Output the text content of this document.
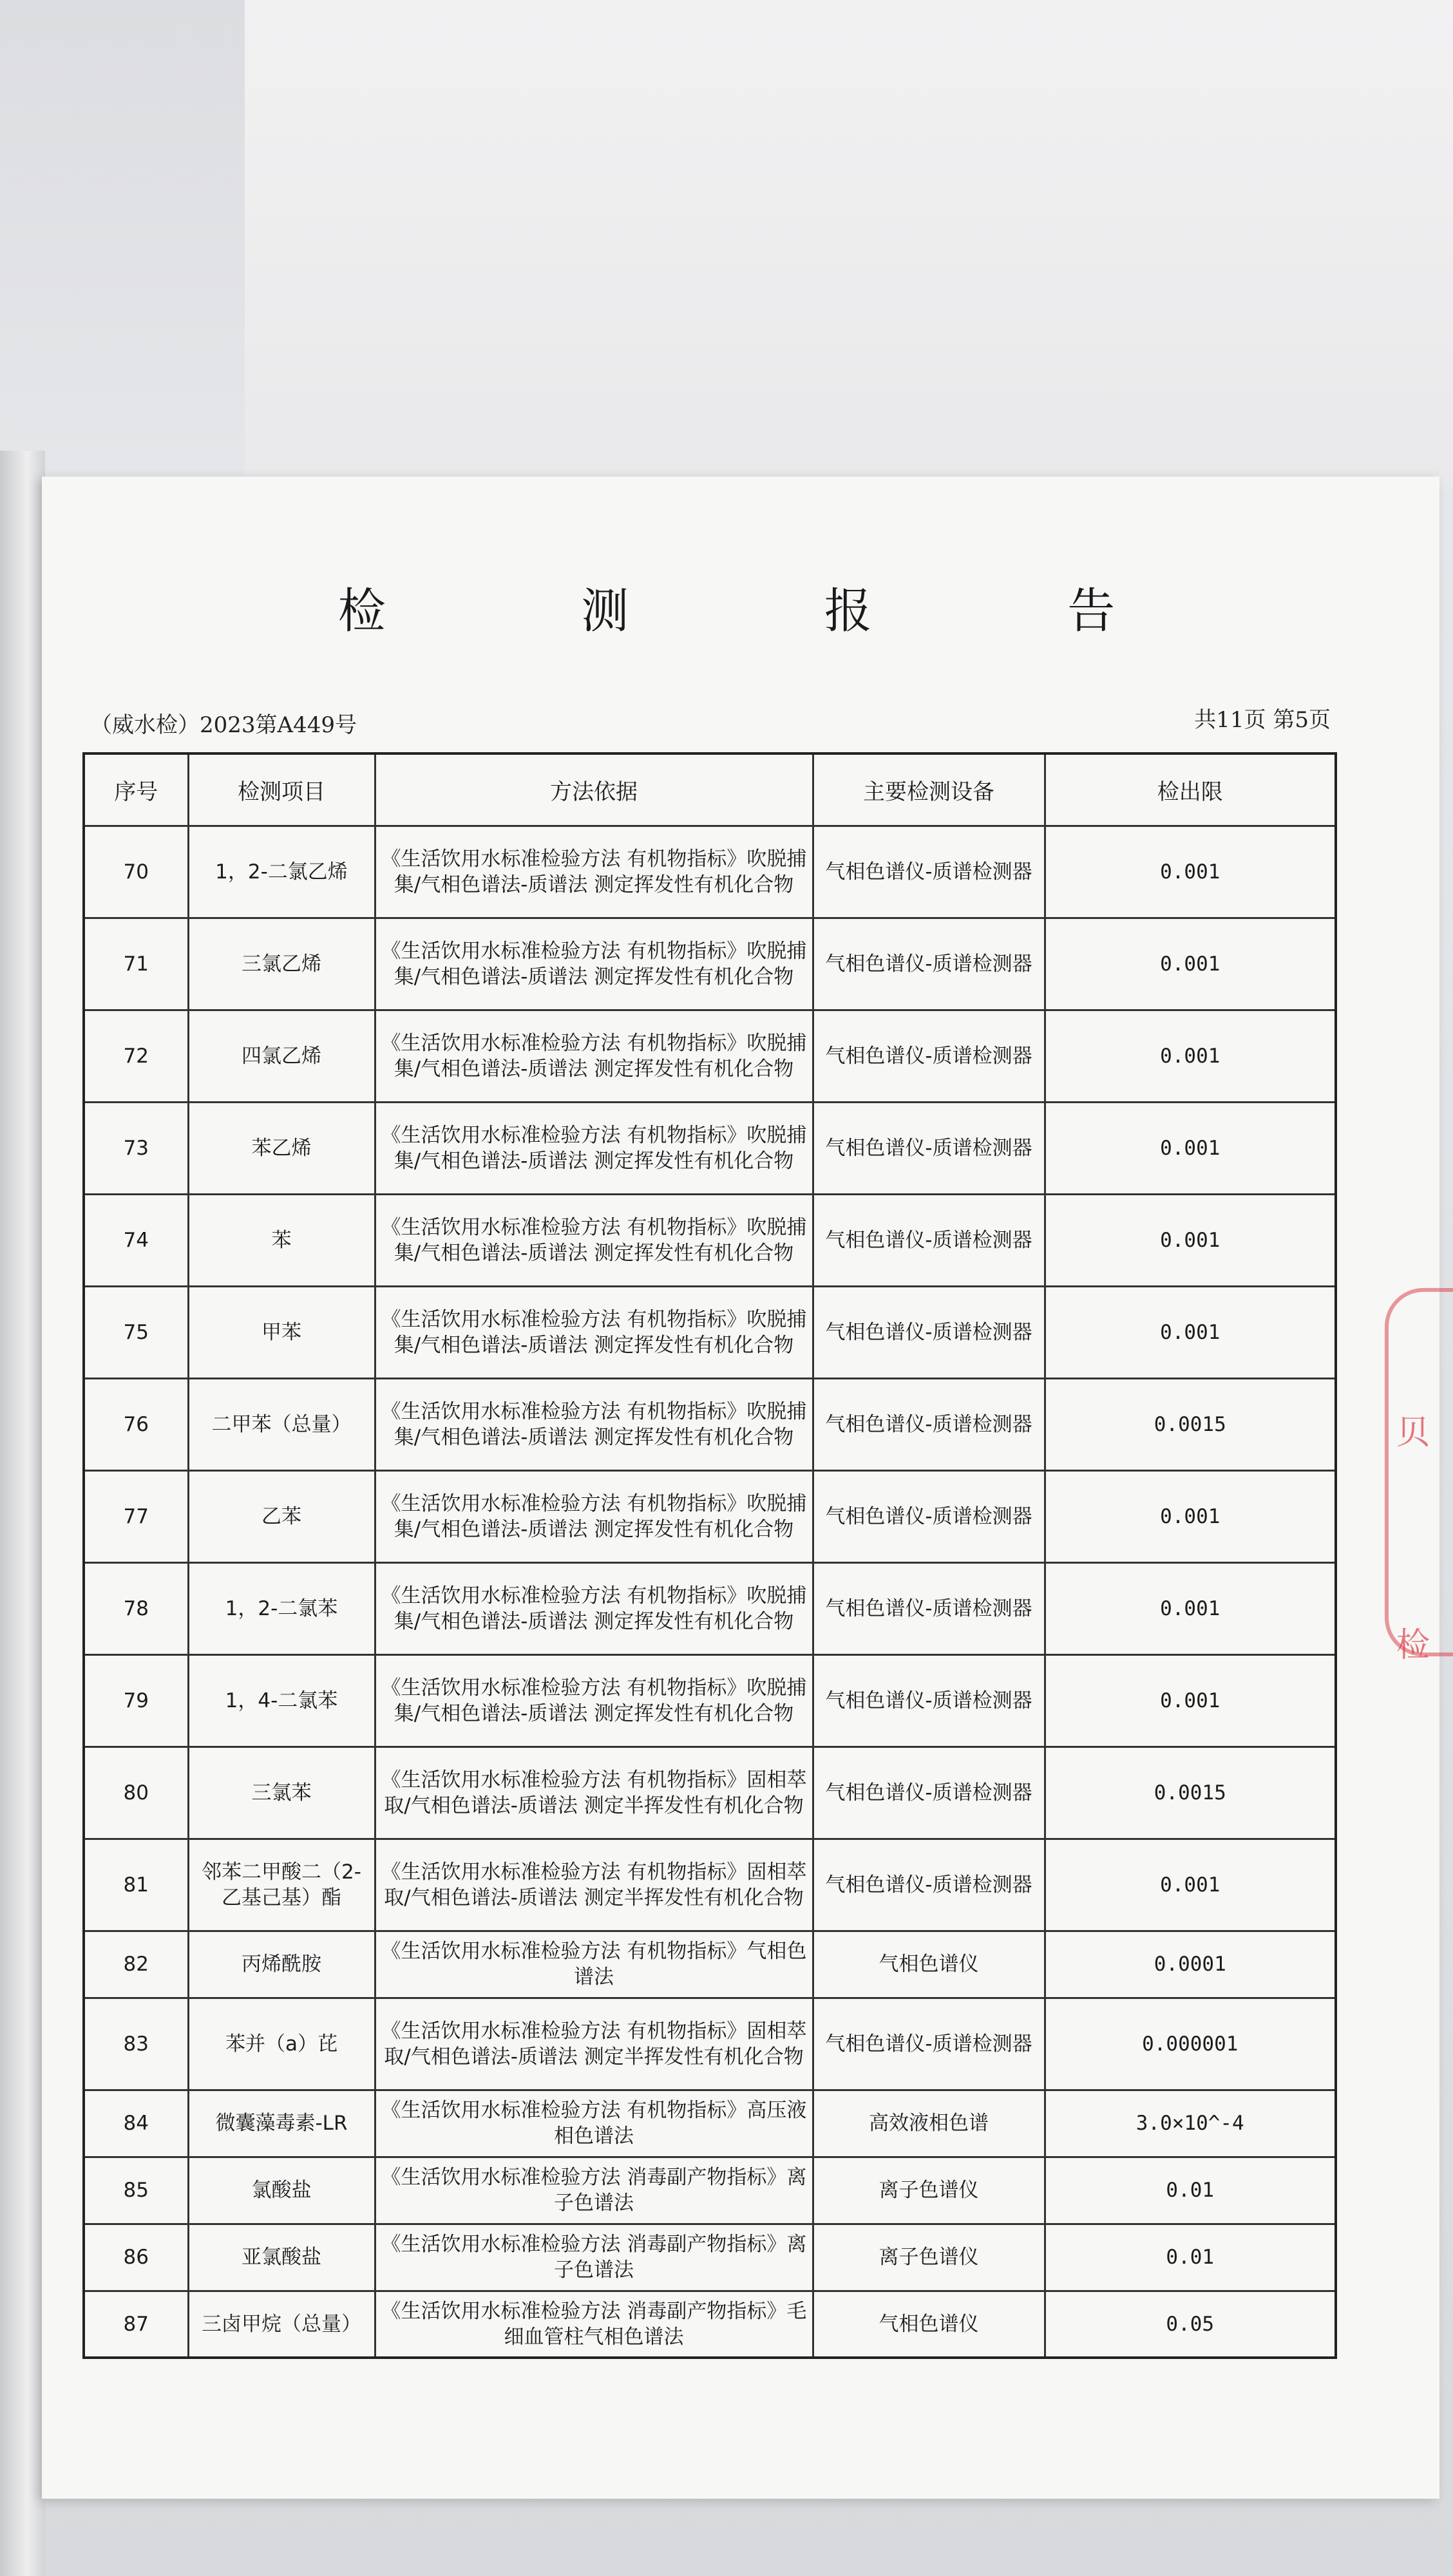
检 测 报 告
（威水检）2023第A449号	共11页 第5页
序号	检测项目	方法依据	主要检测设备	检出限
70	1，2-二氯乙烯	《生活饮用水标准检验方法 有机物指标》吹脱捕集/气相色谱法-质谱法 测定挥发性有机化合物	气相色谱仪-质谱检测器	0.001
71	三氯乙烯	《生活饮用水标准检验方法 有机物指标》吹脱捕集/气相色谱法-质谱法 测定挥发性有机化合物	气相色谱仪-质谱检测器	0.001
72	四氯乙烯	《生活饮用水标准检验方法 有机物指标》吹脱捕集/气相色谱法-质谱法 测定挥发性有机化合物	气相色谱仪-质谱检测器	0.001
73	苯乙烯	《生活饮用水标准检验方法 有机物指标》吹脱捕集/气相色谱法-质谱法 测定挥发性有机化合物	气相色谱仪-质谱检测器	0.001
74	苯	《生活饮用水标准检验方法 有机物指标》吹脱捕集/气相色谱法-质谱法 测定挥发性有机化合物	气相色谱仪-质谱检测器	0.001
75	甲苯	《生活饮用水标准检验方法 有机物指标》吹脱捕集/气相色谱法-质谱法 测定挥发性有机化合物	气相色谱仪-质谱检测器	0.001
76	二甲苯（总量）	《生活饮用水标准检验方法 有机物指标》吹脱捕集/气相色谱法-质谱法 测定挥发性有机化合物	气相色谱仪-质谱检测器	0.0015
77	乙苯	《生活饮用水标准检验方法 有机物指标》吹脱捕集/气相色谱法-质谱法 测定挥发性有机化合物	气相色谱仪-质谱检测器	0.001
78	1，2-二氯苯	《生活饮用水标准检验方法 有机物指标》吹脱捕集/气相色谱法-质谱法 测定挥发性有机化合物	气相色谱仪-质谱检测器	0.001
79	1，4-二氯苯	《生活饮用水标准检验方法 有机物指标》吹脱捕集/气相色谱法-质谱法 测定挥发性有机化合物	气相色谱仪-质谱检测器	0.001
80	三氯苯	《生活饮用水标准检验方法 有机物指标》固相萃取/气相色谱法-质谱法 测定半挥发性有机化合物	气相色谱仪-质谱检测器	0.0015
81	邻苯二甲酸二（2-乙基己基）酯	《生活饮用水标准检验方法 有机物指标》固相萃取/气相色谱法-质谱法 测定半挥发性有机化合物	气相色谱仪-质谱检测器	0.001
82	丙烯酰胺	《生活饮用水标准检验方法 有机物指标》气相色谱法	气相色谱仪	0.0001
83	苯并（a）芘	《生活饮用水标准检验方法 有机物指标》固相萃取/气相色谱法-质谱法 测定半挥发性有机化合物	气相色谱仪-质谱检测器	0.000001
84	微囊藻毒素-LR	《生活饮用水标准检验方法 有机物指标》高压液相色谱法	高效液相色谱	3.0×10^-4
85	氯酸盐	《生活饮用水标准检验方法 消毒副产物指标》离子色谱法	离子色谱仪	0.01
86	亚氯酸盐	《生活饮用水标准检验方法 消毒副产物指标》离子色谱法	离子色谱仪	0.01
87	三卤甲烷（总量）	《生活饮用水标准检验方法 消毒副产物指标》毛细血管柱气相色谱法	气相色谱仪	0.05
贝 检
